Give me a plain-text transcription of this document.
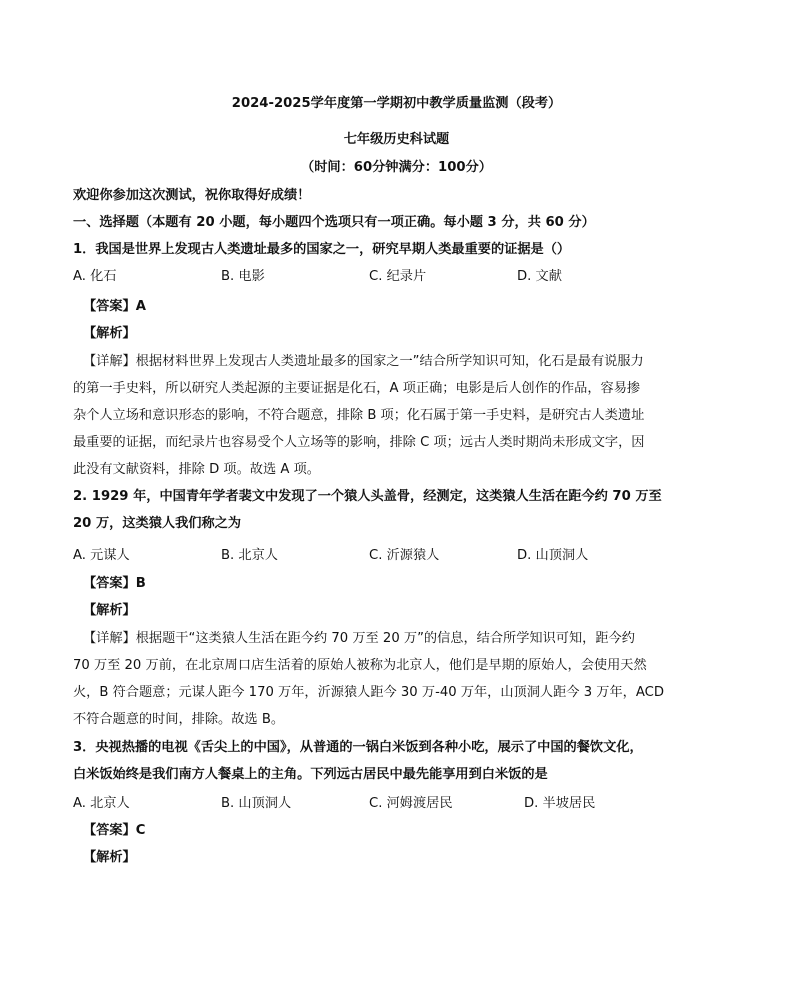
2024-2025学年度第一学期初中教学质量监测（段考）
七年级历史科试题
（时间：60分钟满分：100分）
欢迎你参加这次测试，祝你取得好成绩！
一、选择题（本题有 20 小题，每小题四个选项只有一项正确。每小题 3 分，共 60 分）
1．我国是世界上发现古人类遗址最多的国家之一，研究早期人类最重要的证据是（）
A. 化石	B. 电影	C. 纪录片	D. 文献
【答案】A
【解析】
【详解】根据材料世界上发现古人类遗址最多的国家之一”结合所学知识可知，化石是最有说服力
的第一手史料，所以研究人类起源的主要证据是化石，A 项正确；电影是后人创作的作品，容易掺
杂个人立场和意识形态的影响，不符合题意，排除 B 项；化石属于第一手史料，是研究古人类遗址
最重要的证据，而纪录片也容易受个人立场等的影响，排除 C 项；远古人类时期尚未形成文字，因
此没有文献资料，排除 D 项。故选 A 项。
2. 1929 年，中国青年学者裴文中发现了一个猿人头盖骨，经测定，这类猿人生活在距今约 70 万至
20 万，这类猿人我们称之为
A. 元谋人	B. 北京人	C. 沂源猿人	D. 山顶洞人
【答案】B
【解析】
【详解】根据题干“这类猿人生活在距今约 70 万至 20 万”的信息，结合所学知识可知，距今约
70 万至 20 万前，在北京周口店生活着的原始人被称为北京人，他们是早期的原始人，会使用天然
火，B 符合题意；元谋人距今 170 万年，沂源猿人距今 30 万-40 万年，山顶洞人距今 3 万年，ACD
不符合题意的时间，排除。故选 B。
3．央视热播的电视《舌尖上的中国》，从普通的一锅白米饭到各种小吃，展示了中国的餐饮文化，
白米饭始终是我们南方人餐桌上的主角。下列远古居民中最先能享用到白米饭的是
A. 北京人	B. 山顶洞人	C. 河姆渡居民	D. 半坡居民
【答案】C
【解析】
